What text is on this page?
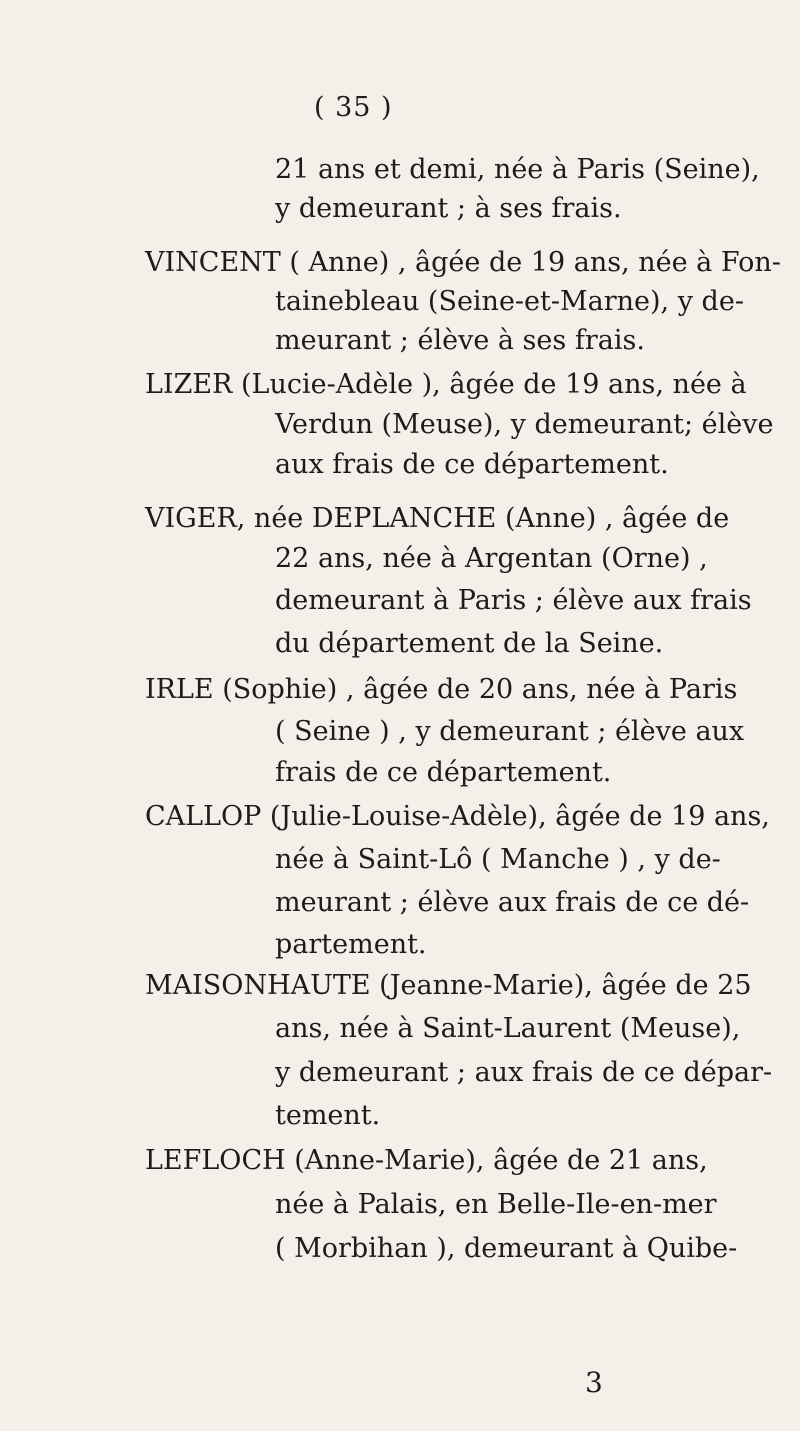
( 35 )
21 ans et demi, née à Paris (Seine),
y demeurant ; à ses frais.
VINCENT ( Anne) , âgée de 19 ans, née à Fon-
tainebleau (Seine-et-Marne), y de-
meurant ; élève à ses frais.
LIZER (Lucie-Adèle ), âgée de 19 ans, née à
Verdun (Meuse), y demeurant; élève
aux frais de ce département.
VIGER, née DEPLANCHE (Anne) , âgée de
22 ans, née à Argentan (Orne) ,
demeurant à Paris ; élève aux frais
du département de la Seine.
IRLE (Sophie) , âgée de 20 ans, née à Paris
( Seine ) , y demeurant ; élève aux
frais de ce département.
CALLOP (Julie-Louise-Adèle), âgée de 19 ans,
née à Saint-Lô ( Manche ) , y de-
meurant ; élève aux frais de ce dé-
partement.
MAISONHAUTE (Jeanne-Marie), âgée de 25
ans, née à Saint-Laurent (Meuse),
y demeurant ; aux frais de ce dépar-
tement.
LEFLOCH (Anne-Marie), âgée de 21 ans,
née à Palais, en Belle-Ile-en-mer
( Morbihan ), demeurant à Quibe-
3
